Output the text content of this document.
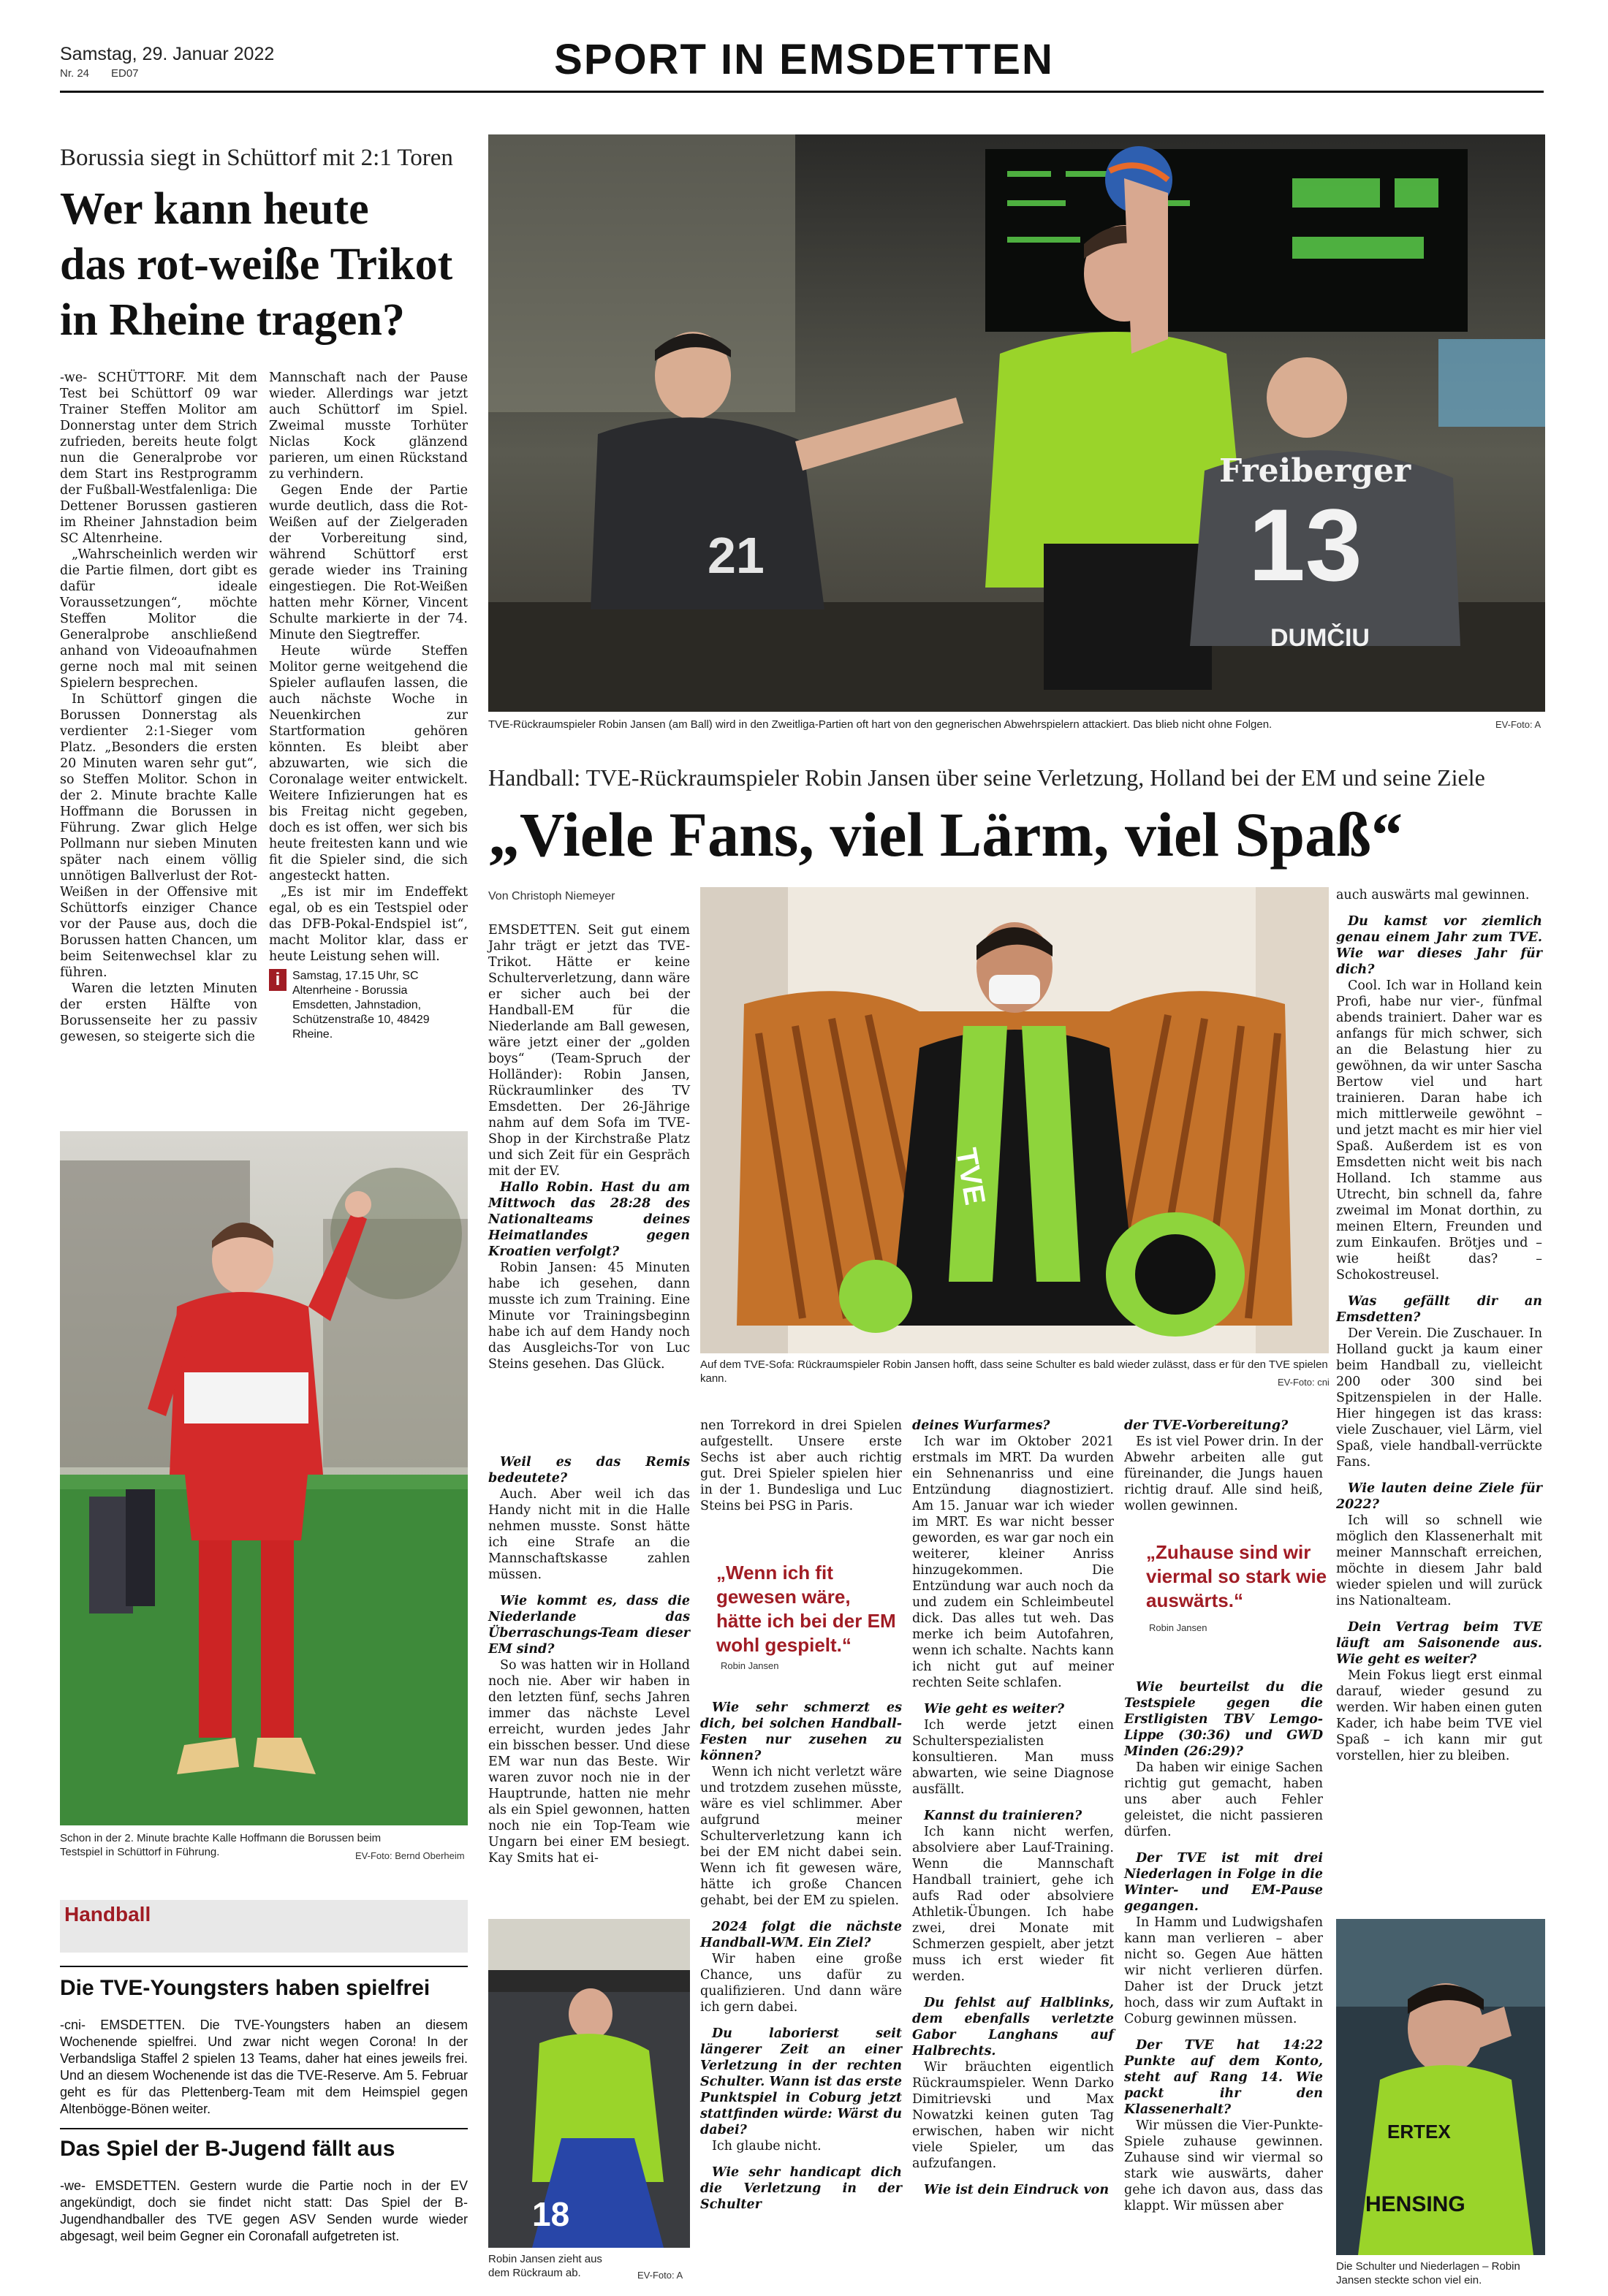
Samstag, 29. Januar 2022
Nr. 24 ED07	SPORT IN EMSDETTEN
Borussia siegt in Schüttorf mit 2:1 Toren
Wer kann heute
das rot-weiße Trikot
in Rheine tragen?

-we- SCHÜTTORF. Mit dem Test bei Schüttorf 09 war Trainer Steffen Molitor am Donnerstag unter dem Strich zufrieden, bereits heute folgt nun die Generalprobe vor dem Start ins Restprogramm der Fußball-Westfalenliga: Die Dettener Borussen gastieren im Rheiner Jahnstadion beim SC Altenrheine.

„Wahrscheinlich werden wir die Partie filmen, dort gibt es dafür ideale Voraussetzungen“, möchte Steffen Molitor die Generalprobe anschließend anhand von Videoaufnahmen gerne noch mal mit seinen Spielern besprechen.

In Schüttorf gingen die Borussen Donnerstag als verdienter 2:1-Sieger vom Platz. „Besonders die ersten 20 Minuten waren sehr gut“, so Steffen Molitor. Schon in der 2. Minute brachte Kalle Hoffmann die Borussen in Führung. Zwar glich Helge Pollmann nur sieben Minuten später nach einem völlig unnötigen Ballverlust der Rot-Weißen in der Offensive mit Schüttorfs einziger Chance vor der Pause aus, doch die Borussen hatten Chancen, um beim Seitenwechsel klar zu führen.

Waren die letzten Minuten der ersten Hälfte von Borussenseite her zu passiv gewesen, so steigerte sich die

Mannschaft nach der Pause wieder. Allerdings war jetzt auch Schüttorf im Spiel. Zweimal musste Torhüter Niclas Kock glänzend parieren, um einen Rückstand zu verhindern.

Gegen Ende der Partie wurde deutlich, dass die Rot-Weißen auf der Zielgeraden der Vorbereitung sind, während Schüttorf erst gerade wieder ins Training eingestiegen. Die Rot-Weißen hatten mehr Körner, Vincent Schulte markierte in der 74. Minute den Siegtreffer.

Heute würde Steffen Molitor gerne weitgehend die Spieler auflaufen lassen, die auch nächste Woche in Neuenkirchen zur Startformation gehören könnten. Es bleibt aber abzuwarten, wie sich die Coronalage weiter entwickelt. Weitere Infizierungen hat es bis Freitag nicht gegeben, doch es ist offen, wer sich bis heute freitesten kann und wie fit die Spieler sind, die sich angesteckt hatten.

„Es ist mir im Endeffekt egal, ob es ein Testspiel oder das DFB-Pokal-Endspiel ist“, macht Molitor klar, dass er heute Leistung sehen will.

i	Samstag, 17.15 Uhr, SC Altenrheine - Borussia Emsdetten, Jahnstadion, Schützenstraße 10, 48429 Rheine.
Schon in der 2. Minute brachte Kalle Hoffmann die Borussen beim Testspiel in Schüttorf in Führung.	EV-Foto: Bernd Oberheim
Handball
Die TVE-Youngsters haben spielfrei
-cni- EMSDETTEN. Die TVE-Youngsters haben an diesem Wochenende spielfrei. Und zwar nicht wegen Corona! In der Verbandsliga Staffel 2 spielen 13 Teams, daher hat eines jeweils frei. Und an diesem Wochenende ist das die TVE-Reserve. Am 5. Februar geht es für das Plettenberg-Team mit dem Heimspiel gegen Altenbögge-Bönen weiter.
Das Spiel der B-Jugend fällt aus
-we- EMSDETTEN. Gestern wurde die Partie noch in der EV angekündigt, doch sie findet nicht statt: Das Spiel der B-Jugendhandballer des TVE gegen ASV Senden wurde wieder abgesagt, weil beim Gegner ein Coronafall aufgetreten ist.
21
Freiberger
13
DUMČIU
TVE-Rückraumspieler Robin Jansen (am Ball) wird in den Zweitliga-Partien oft hart von den gegnerischen Abwehrspielern attackiert. Das blieb nicht ohne Folgen.	EV-Foto: A
Handball: TVE-Rückraumspieler Robin Jansen über seine Verletzung, Holland bei der EM und seine Ziele
„Viele Fans, viel Lärm, viel Spaß“
Von Christoph Niemeyer

EMSDETTEN. Seit gut einem Jahr trägt er jetzt das TVE-Trikot. Hätte er keine Schulterverletzung, dann wäre er sicher auch bei der Handball-EM für die Niederlande am Ball gewesen, wäre jetzt einer der „golden boys“ (Team-Spruch der Holländer): Robin Jansen, Rückraumlinker des TV Emsdetten. Der 26-Jährige nahm auf dem Sofa im TVE-Shop in der Kirchstraße Platz und sich Zeit für ein Gespräch mit der EV.

Hallo Robin. Hast du am Mittwoch das 28:28 des Nationalteams deines Heimatlandes gegen Kroatien verfolgt?

Robin Jansen: 45 Minuten habe ich gesehen, dann musste ich zum Training. Eine Minute vor Trainingsbeginn habe ich auf dem Handy noch das Ausgleichs-Tor von Luc Steins gesehen. Das Glück.

TVE
Auf dem TVE-Sofa: Rückraumspieler Robin Jansen hofft, dass seine Schulter es bald wieder zulässt, dass er für den TVE spielen kann.	EV-Foto: cni

Weil es das Remis bedeutete?

Auch. Aber weil ich das Handy nicht mit in die Halle nehmen musste. Sonst hätte ich eine Strafe an die Mannschaftskasse zahlen müssen.

Wie kommt es, dass die Niederlande das Überraschungs-Team dieser EM sind?

So was hatten wir in Holland noch nie. Aber wir haben in den letzten fünf, sechs Jahren immer das nächste Level erreicht, wurden jedes Jahr ein bisschen besser. Und diese EM war nun das Beste. Wir waren zuvor noch nie in der Hauptrunde, hatten nie mehr als ein Spiel gewonnen, hatten noch nie ein Top-Team wie Ungarn bei einer EM besiegt. Kay Smits hat ei-

nen Torrekord in drei Spielen aufgestellt. Unsere erste Sechs ist aber auch richtig gut. Drei Spieler spielen hier in der 1. Bundesliga und Luc Steins bei PSG in Paris.

„Wenn ich fit gewesen wäre, hätte ich bei der EM wohl gespielt.“
Robin Jansen

Wie sehr schmerzt es dich, bei solchen Handball-Festen nur zusehen zu können?

Wenn ich nicht verletzt wäre und trotzdem zusehen müsste, wäre es viel schlimmer. Aber aufgrund meiner Schulterverletzung kann ich bei der EM nicht dabei sein. Wenn ich fit gewesen wäre, hätte ich große Chancen gehabt, bei der EM zu spielen.

2024 folgt die nächste Handball-WM. Ein Ziel?

Wir haben eine große Chance, uns dafür zu qualifizieren. Und dann wäre ich gern dabei.

Du laborierst seit längerer Zeit an einer Verletzung in der rechten Schulter. Wann ist das erste Punktspiel in Coburg jetzt stattfinden würde: Wärst du dabei?

Ich glaube nicht.

Wie sehr handicapt dich die Verletzung in der Schulter

18
Robin Jansen zieht aus dem Rückraum ab.	EV-Foto: A

deines Wurfarmes?

Ich war im Oktober 2021 erstmals im MRT. Da wurden ein Sehnenanriss und eine Entzündung diagnostiziert. Am 15. Januar war ich wieder im MRT. Es war nicht besser geworden, es war gar noch ein weiterer, kleiner Anriss hinzugekommen. Die Entzündung war auch noch da und zudem ein Schleimbeutel dick. Das alles tut weh. Das merke ich beim Autofahren, wenn ich schalte. Nachts kann ich nicht gut auf meiner rechten Seite schlafen.

Wie geht es weiter?

Ich werde jetzt einen Schulterspezialisten konsultieren. Man muss abwarten, wie seine Diagnose ausfällt.

Kannst du trainieren?

Ich kann nicht werfen, absolviere aber Lauf-Training. Wenn die Mannschaft Handball trainiert, gehe ich aufs Rad oder absolviere Athletik-Übungen. Ich habe zwei, drei Monate mit Schmerzen gespielt, aber jetzt muss ich erst wieder fit werden.

Du fehlst auf Halblinks, dem ebenfalls verletzte Gabor Langhans auf Halbrechts.

Wir bräuchten eigentlich Rückraumspieler. Wenn Darko Dimitrievski und Max Nowatzki keinen guten Tag erwischen, haben wir nicht viele Spieler, um das aufzufangen.

Wie ist dein Eindruck von

der TVE-Vorbereitung?

Es ist viel Power drin. In der Abwehr arbeiten alle gut füreinander, die Jungs hauen richtig drauf. Alle sind heiß, wollen gewinnen.

„Zuhause sind wir viermal so stark wie auswärts.“
Robin Jansen

Wie beurteilst du die Testspiele gegen die Erstligisten TBV Lemgo-Lippe (30:36) und GWD Minden (26:29)?

Da haben wir einige Sachen richtig gut gemacht, haben uns aber auch Fehler geleistet, die nicht passieren dürfen.

Der TVE ist mit drei Niederlagen in Folge in die Winter- und EM-Pause gegangen.

In Hamm und Ludwigshafen kann man verlieren – aber nicht so. Gegen Aue hätten wir nicht verlieren dürfen. Daher ist der Druck jetzt hoch, dass wir zum Auftakt in Coburg gewinnen müssen.

Der TVE hat 14:22 Punkte auf dem Konto, steht auf Rang 14. Wie packt ihr den Klassenerhalt?

Wir müssen die Vier-Punkte-Spiele zuhause gewinnen. Zuhause sind wir viermal so stark wie auswärts, daher gehe ich davon aus, dass das klappt. Wir müssen aber

auch auswärts mal gewinnen.

Du kamst vor ziemlich genau einem Jahr zum TVE. Wie war dieses Jahr für dich?

Cool. Ich war in Holland kein Profi, habe nur vier-, fünfmal abends trainiert. Daher war es anfangs für mich schwer, sich an die Belastung hier zu gewöhnen, da wir unter Sascha Bertow viel und hart trainieren. Daran habe ich mich mittlerweile gewöhnt – und jetzt macht es mir hier viel Spaß. Außerdem ist es von Emsdetten nicht weit bis nach Holland. Ich stamme aus Utrecht, bin schnell da, fahre zweimal im Monat dorthin, zu meinen Eltern, Freunden und zum Einkaufen. Brötjes und – wie heißt das? – Schokostreusel.

Was gefällt dir an Emsdetten?

Der Verein. Die Zuschauer. In Holland guckt ja kaum einer beim Handball zu, vielleicht 200 oder 300 sind bei Spitzenspielen in der Halle. Hier hingegen ist das krass: viele Zuschauer, viel Lärm, viel Spaß, viele handball-verrückte Fans.

Wie lauten deine Ziele für 2022?

Ich will so schnell wie möglich den Klassenerhalt mit meiner Mannschaft erreichen, möchte in diesem Jahr bald wieder spielen und will zurück ins Nationalteam.

Dein Vertrag beim TVE läuft am Saisonende aus. Wie geht es weiter?

Mein Fokus liegt erst einmal darauf, wieder gesund zu werden. Wir haben einen guten Kader, ich habe beim TVE viel Spaß – ich kann mir gut vorstellen, hier zu bleiben.

ERTEX
HENSING
Die Schulter und Niederlagen – Robin Jansen steckte schon viel ein.
